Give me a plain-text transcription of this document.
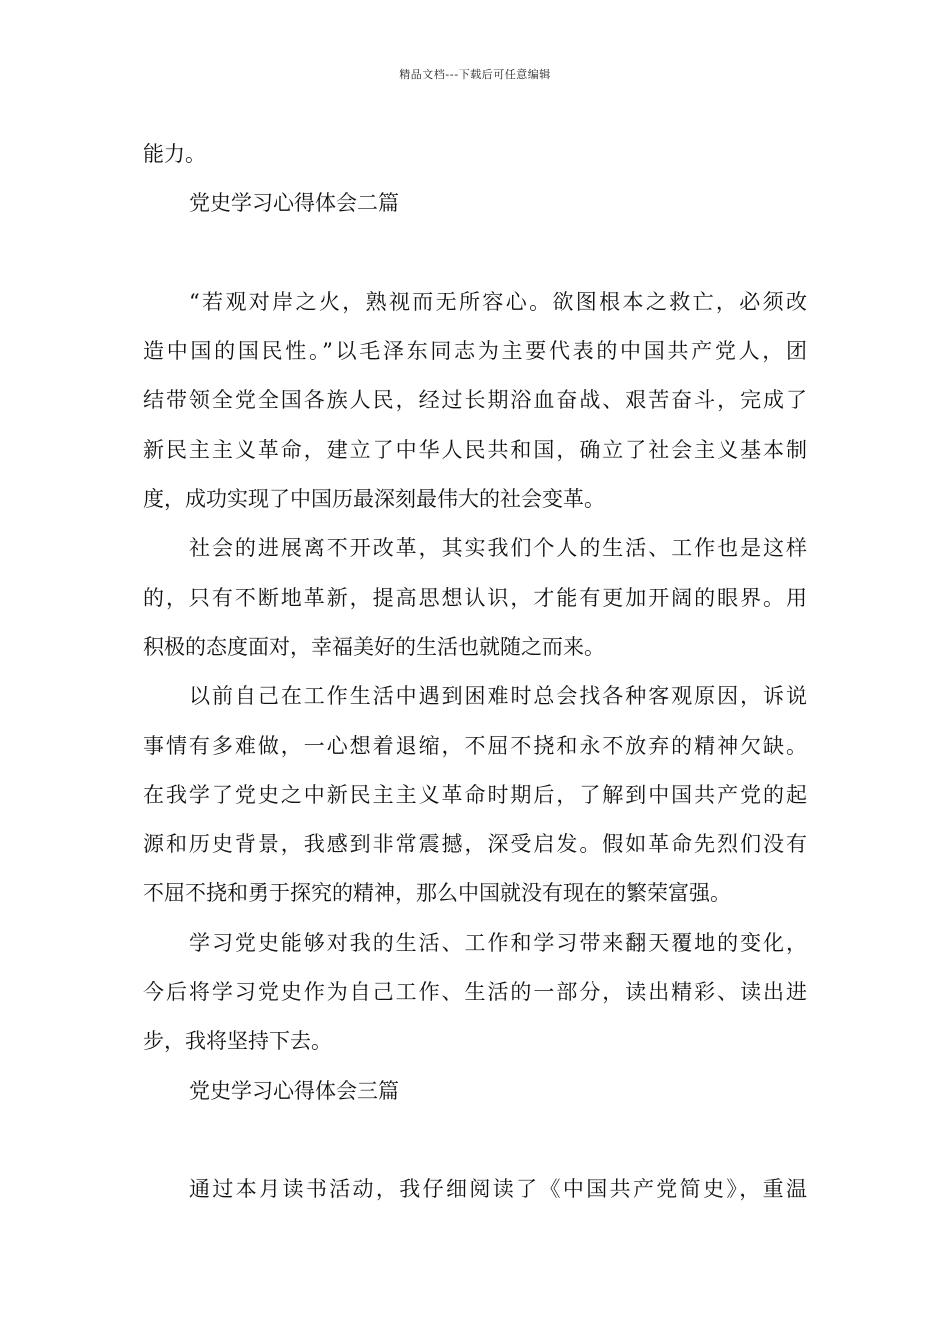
精品文档---下载后可任意编辑
能力。
党史学习心得体会二篇
“若观对岸之火，熟视而无所容心。欲图根本之救亡，必须改
造中国的国民性。”以毛泽东同志为主要代表的中国共产党人，团
结带领全党全国各族人民，经过长期浴血奋战、艰苦奋斗，完成了
新民主主义革命，建立了中华人民共和国，确立了社会主义基本制
度，成功实现了中国历最深刻最伟大的社会变革。
社会的进展离不开改革，其实我们个人的生活、工作也是这样
的，只有不断地革新，提高思想认识，才能有更加开阔的眼界。用
积极的态度面对，幸福美好的生活也就随之而来。
以前自己在工作生活中遇到困难时总会找各种客观原因，诉说
事情有多难做，一心想着退缩，不屈不挠和永不放弃的精神欠缺。
在我学了党史之中新民主主义革命时期后，了解到中国共产党的起
源和历史背景，我感到非常震撼，深受启发。假如革命先烈们没有
不屈不挠和勇于探究的精神，那么中国就没有现在的繁荣富强。
学习党史能够对我的生活、工作和学习带来翻天覆地的变化，
今后将学习党史作为自己工作、生活的一部分，读出精彩、读出进
步，我将坚持下去。
党史学习心得体会三篇
通过本月读书活动，我仔细阅读了《中国共产党简史》，重温
